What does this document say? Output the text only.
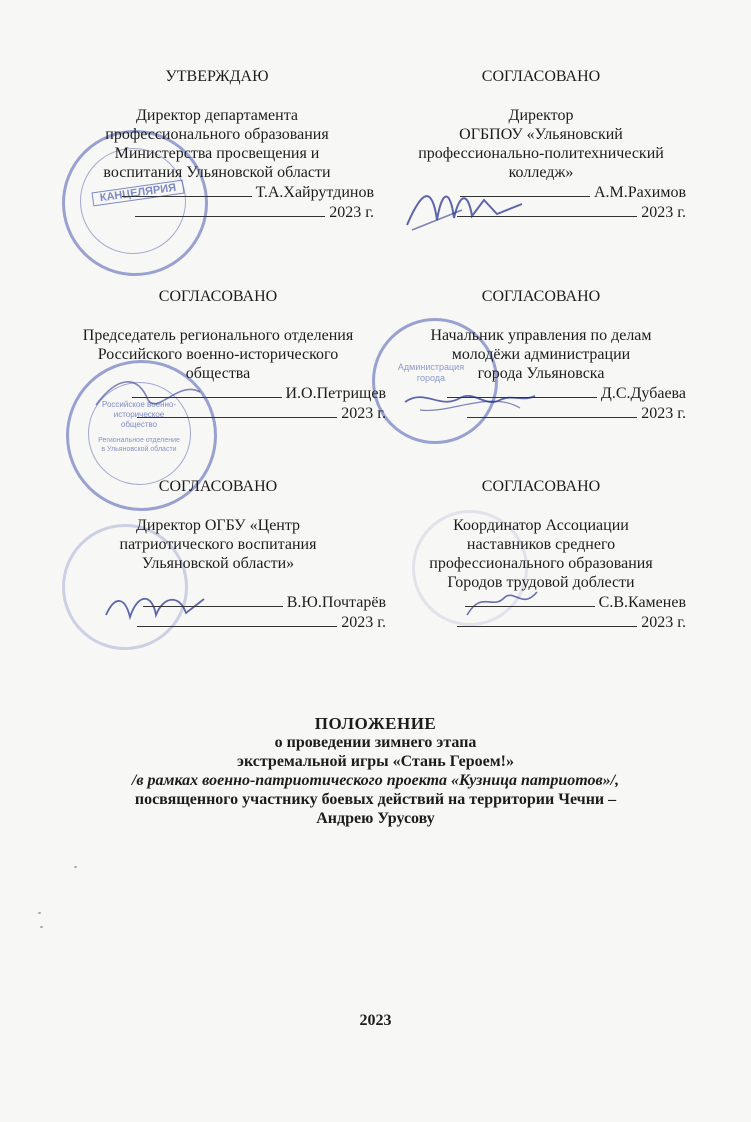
КАНЦЕЛЯРИЯ
Российское военно-историческое общество
Региональное отделение в Ульяновской области
Администрация города
УТВЕРЖДАЮ
Директор департамента
профессионального образования
Министерства просвещения и
воспитания Ульяновской области
Т.А.Хайрутдинов
2023 г.
СОГЛАСОВАНО
Директор
ОГБПОУ «Ульяновский
профессионально-политехнический
колледж»
А.М.Рахимов
2023 г.
СОГЛАСОВАНО
Председатель регионального отделения
Российского военно-исторического
общества
И.О.Петрищев
2023 г.
СОГЛАСОВАНО
Начальник управления по делам
молодёжи администрации
города Ульяновска
Д.С.Дубаева
2023 г.
СОГЛАСОВАНО
Директор ОГБУ «Центр
патриотического воспитания
Ульяновской области»
В.Ю.Почтарёв
2023 г.
СОГЛАСОВАНО
Координатор Ассоциации
наставников среднего
профессионального образования
Городов трудовой доблести
С.В.Каменев
2023 г.
ПОЛОЖЕНИЕ
о проведении зимнего этапа
экстремальной игры «Стань Героем!»
/в рамках военно-патриотического проекта «Кузница патриотов»/,
посвященного участнику боевых действий на территории Чечни –
Андрею Урусову
2023
